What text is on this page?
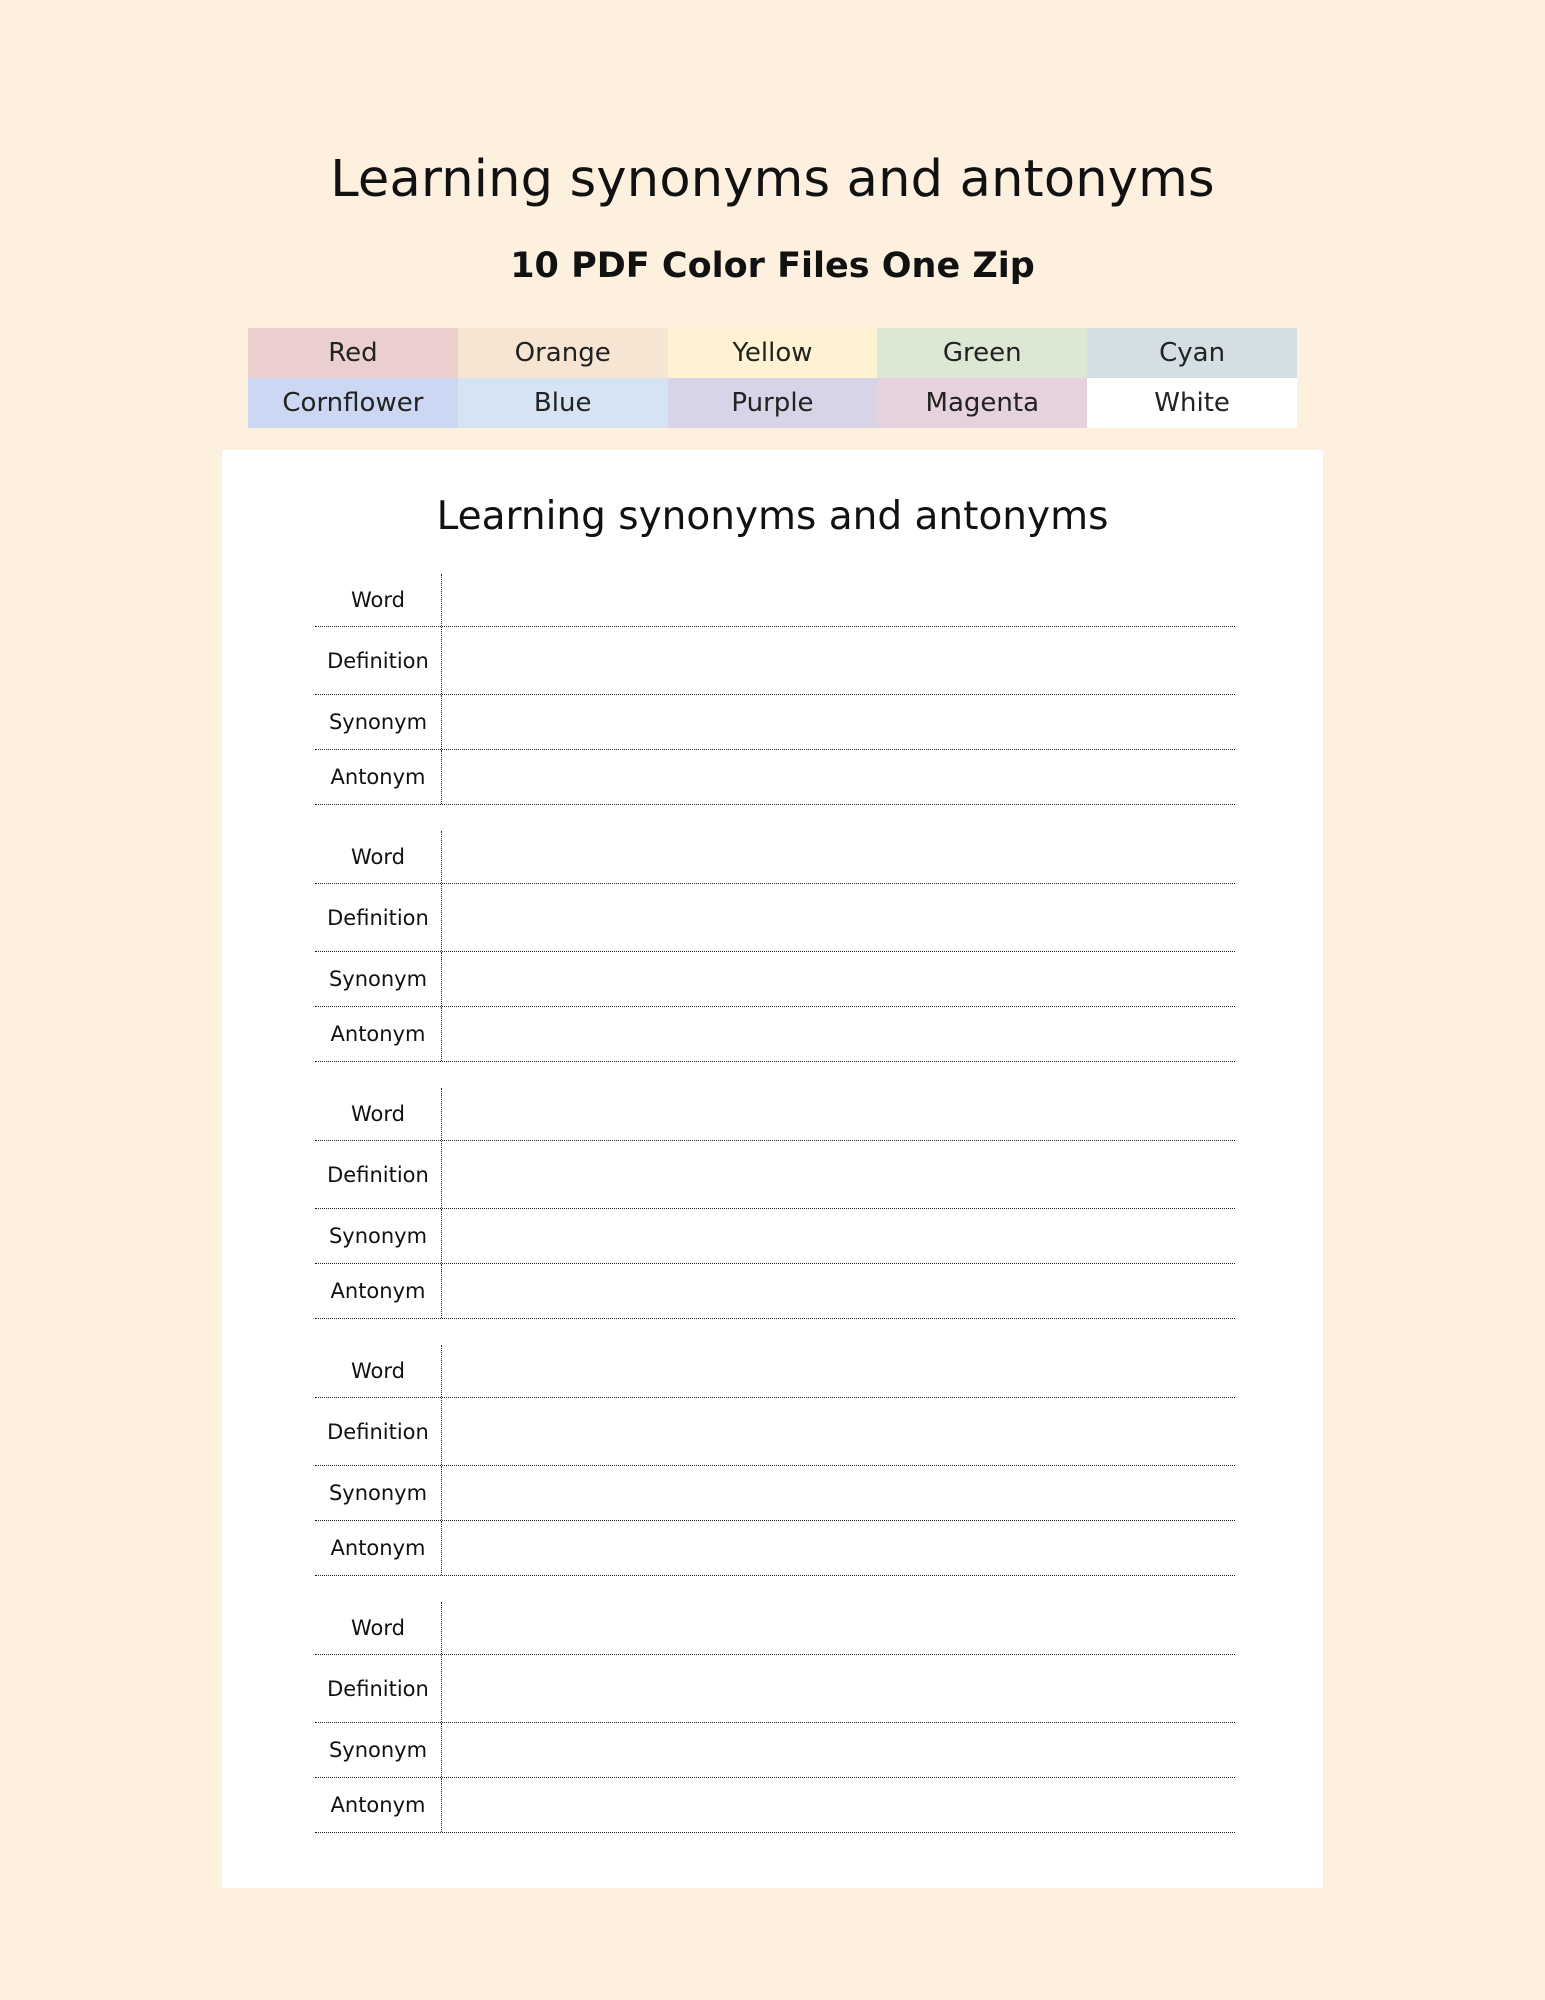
Learning synonyms and antonyms
10 PDF Color Files One Zip
Red	Orange	Yellow	Green	Cyan
Cornflower	Blue	Purple	Magenta	White
Learning synonyms and antonyms
Word
Definition
Synonym
Antonym
Word
Definition
Synonym
Antonym
Word
Definition
Synonym
Antonym
Word
Definition
Synonym
Antonym
Word
Definition
Synonym
Antonym
